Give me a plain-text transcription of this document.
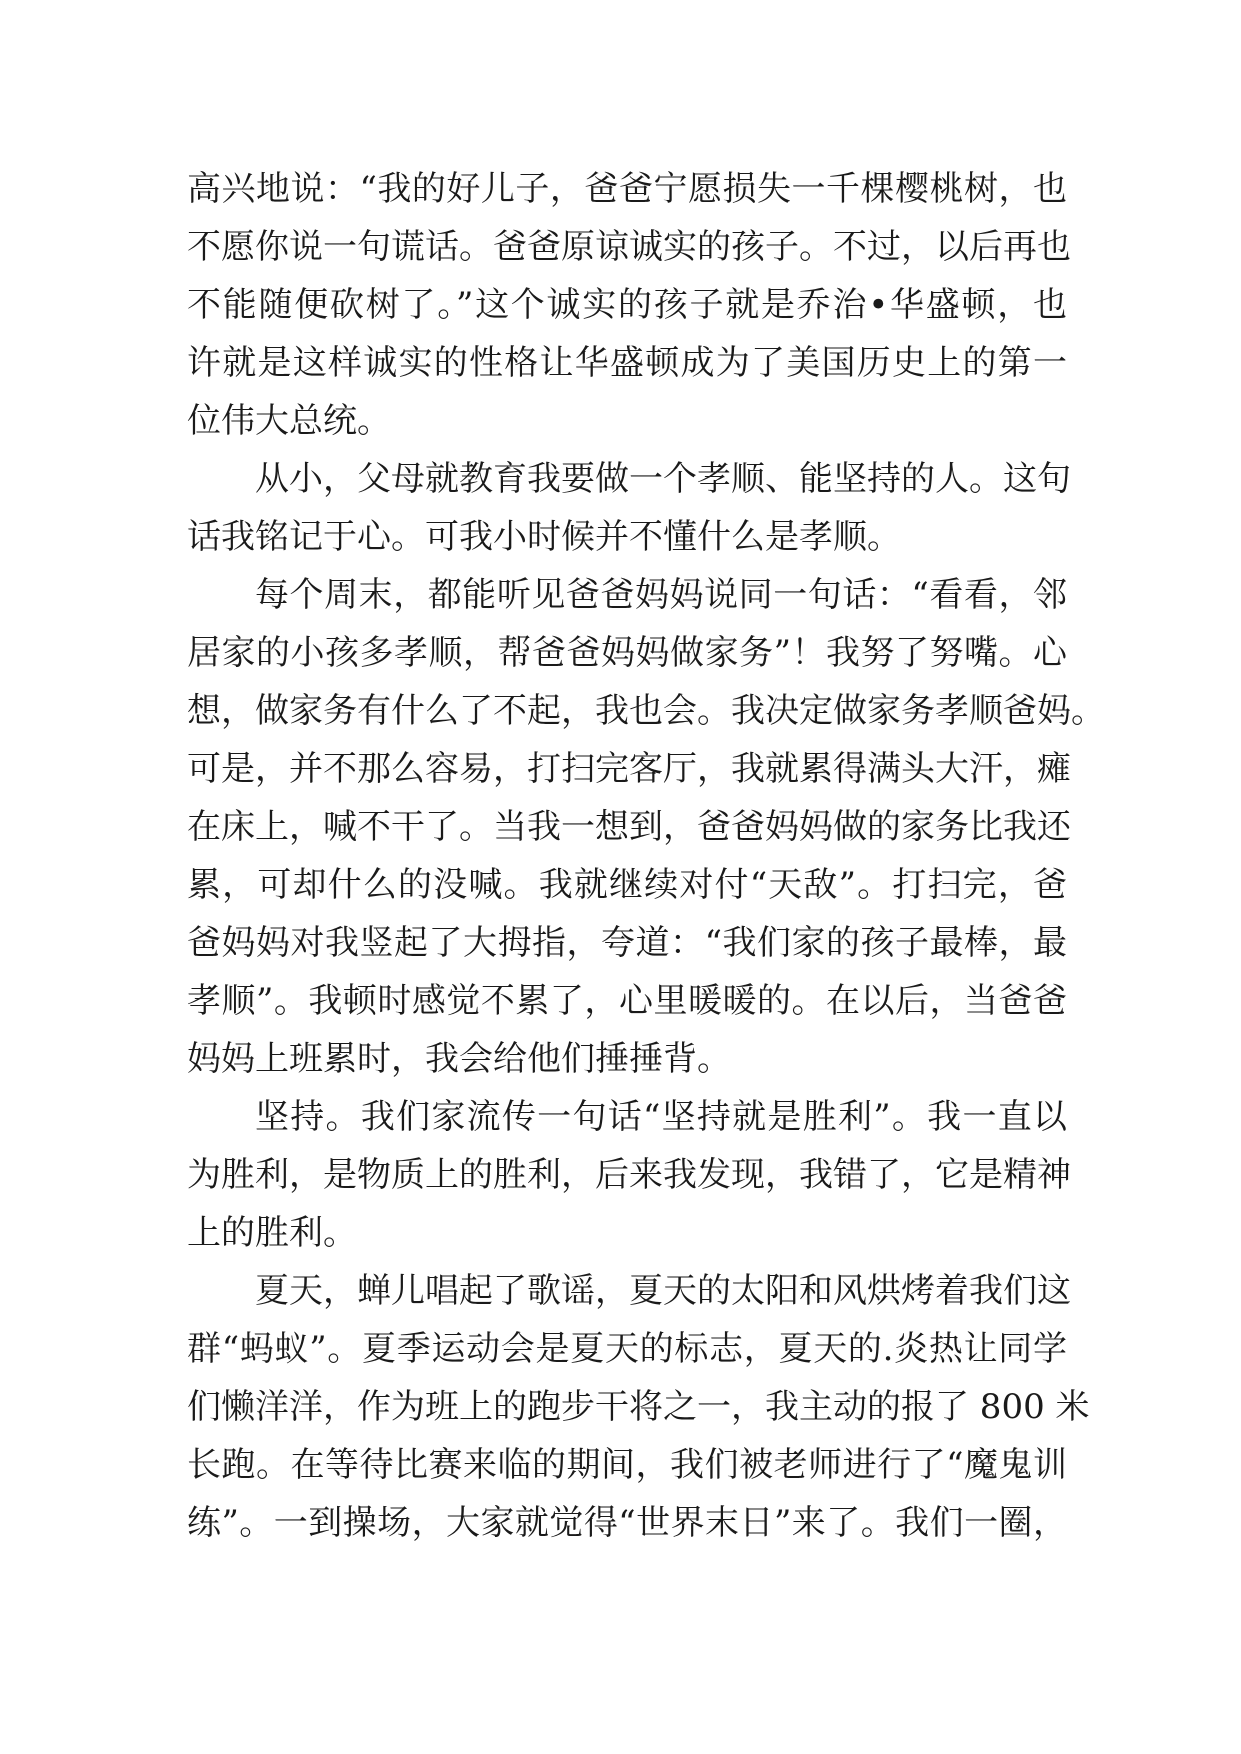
高兴地说：“我的好儿子，爸爸宁愿损失一千棵樱桃树，也
不愿你说一句谎话。爸爸原谅诚实的孩子。不过，以后再也
不能随便砍树了。”这个诚实的孩子就是乔治•华盛顿，也
许就是这样诚实的性格让华盛顿成为了美国历史上的第一
位伟大总统。
从小，父母就教育我要做一个孝顺、能坚持的人。这句
话我铭记于心。可我小时候并不懂什么是孝顺。
每个周末，都能听见爸爸妈妈说同一句话：“看看，邻
居家的小孩多孝顺，帮爸爸妈妈做家务”！我努了努嘴。心
想，做家务有什么了不起，我也会。我决定做家务孝顺爸妈。
可是，并不那么容易，打扫完客厅，我就累得满头大汗，瘫
在床上，喊不干了。当我一想到，爸爸妈妈做的家务比我还
累，可却什么的没喊。我就继续对付“天敌”。打扫完，爸
爸妈妈对我竖起了大拇指，夸道：“我们家的孩子最棒，最
孝顺”。我顿时感觉不累了，心里暖暖的。在以后，当爸爸
妈妈上班累时，我会给他们捶捶背。
坚持。我们家流传一句话“坚持就是胜利”。我一直以
为胜利，是物质上的胜利，后来我发现，我错了，它是精神
上的胜利。
夏天，蝉儿唱起了歌谣，夏天的太阳和风烘烤着我们这
群“蚂蚁”。夏季运动会是夏天的标志，夏天的.炎热让同学
们懒洋洋，作为班上的跑步干将之一，我主动的报了 800 米
长跑。在等待比赛来临的期间，我们被老师进行了“魔鬼训
练”。一到操场，大家就觉得“世界末日”来了。我们一圈，
